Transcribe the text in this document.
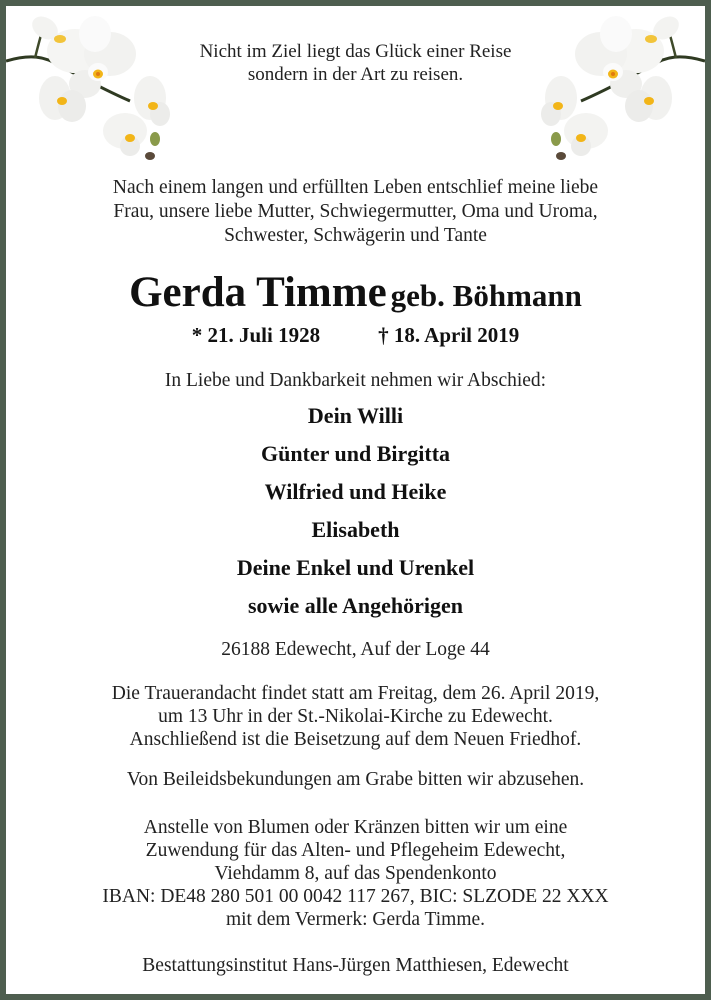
Nicht im Ziel liegt das Glück einer Reise
sondern in der Art zu reisen.
Nach einem langen und erfüllten Leben entschlief meine liebe
Frau, unsere liebe Mutter, Schwiegermutter, Oma und Uroma,
Schwester, Schwägerin und Tante
Gerda Timme geb. Böhmann
* 21. Juli 1928	† 18. April 2019
In Liebe und Dankbarkeit nehmen wir Abschied:
Dein Willi
Günter und Birgitta
Wilfried und Heike
Elisabeth
Deine Enkel und Urenkel
sowie alle Angehörigen
26188 Edewecht, Auf der Loge 44
Die Trauerandacht findet statt am Freitag, dem 26. April 2019,
um 13 Uhr in der St.-Nikolai-Kirche zu Edewecht.
Anschließend ist die Beisetzung auf dem Neuen Friedhof.
Von Beileidsbekundungen am Grabe bitten wir abzusehen.
Anstelle von Blumen oder Kränzen bitten wir um eine
Zuwendung für das Alten- und Pflegeheim Edewecht,
Viehdamm 8, auf das Spendenkonto
IBAN: DE48 280 501 00 0042 117 267, BIC: SLZODE 22 XXX
mit dem Vermerk: Gerda Timme.
Bestattungsinstitut Hans-Jürgen Matthiesen, Edewecht
